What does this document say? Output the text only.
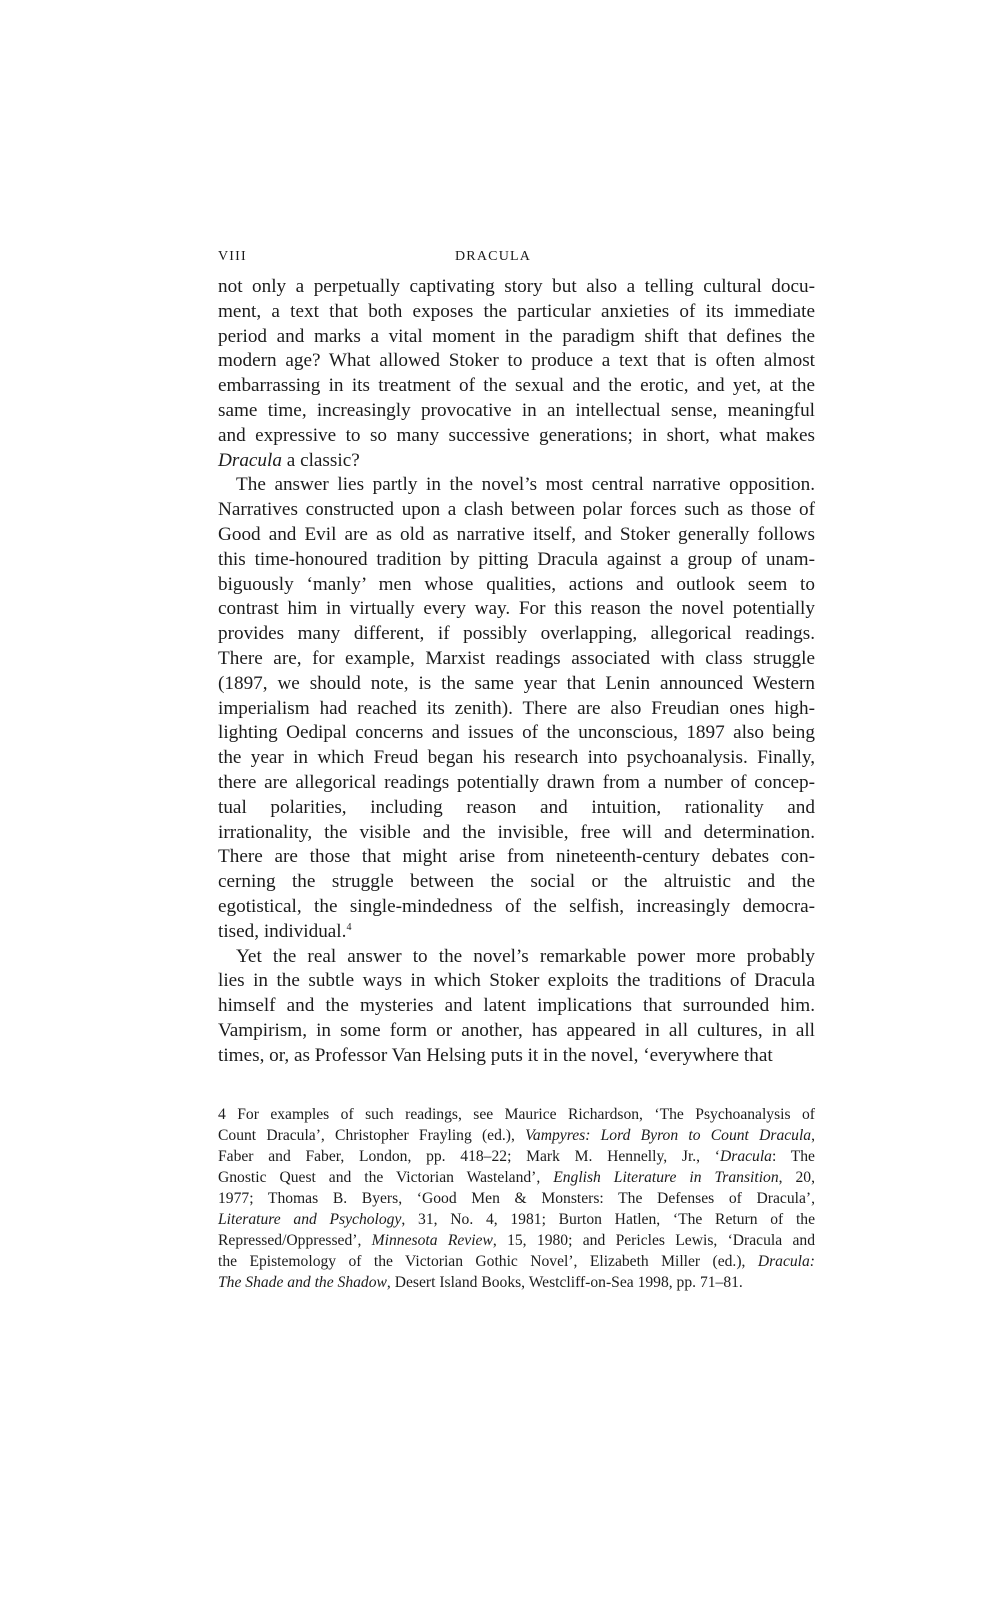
VIII	DRACULA
not only a perpetually captivating story but also a telling cultural docu-
ment, a text that both exposes the particular anxieties of its immediate
period and marks a vital moment in the paradigm shift that defines the
modern age? What allowed Stoker to produce a text that is often almost
embarrassing in its treatment of the sexual and the erotic, and yet, at the
same time, increasingly provocative in an intellectual sense, meaningful
and expressive to so many successive generations; in short, what makes
Dracula a classic?
The answer lies partly in the novel’s most central narrative opposition.
Narratives constructed upon a clash between polar forces such as those of
Good and Evil are as old as narrative itself, and Stoker generally follows
this time-honoured tradition by pitting Dracula against a group of unam-
biguously ‘manly’ men whose qualities, actions and outlook seem to
contrast him in virtually every way. For this reason the novel potentially
provides many different, if possibly overlapping, allegorical readings.
There are, for example, Marxist readings associated with class struggle
(1897, we should note, is the same year that Lenin announced Western
imperialism had reached its zenith). There are also Freudian ones high-
lighting Oedipal concerns and issues of the unconscious, 1897 also being
the year in which Freud began his research into psychoanalysis. Finally,
there are allegorical readings potentially drawn from a number of concep-
tual polarities, including reason and intuition, rationality and
irrationality, the visible and the invisible, free will and determination.
There are those that might arise from nineteenth-century debates con-
cerning the struggle between the social or the altruistic and the
egotistical, the single-mindedness of the selfish, increasingly democra-
tised, individual.$^4$
Yet the real answer to the novel’s remarkable power more probably
lies in the subtle ways in which Stoker exploits the traditions of Dracula
himself and the mysteries and latent implications that surrounded him.
Vampirism, in some form or another, has appeared in all cultures, in all
times, or, as Professor Van Helsing puts it in the novel, ‘everywhere that
4 For examples of such readings, see Maurice Richardson, ‘The Psychoanalysis of
Count Dracula’, Christopher Frayling (ed.), Vampyres: Lord Byron to Count Dracula,
Faber and Faber, London, pp. 418–22; Mark M. Hennelly, Jr., ‘Dracula: The
Gnostic Quest and the Victorian Wasteland’, English Literature in Transition, 20,
1977; Thomas B. Byers, ‘Good Men & Monsters: The Defenses of Dracula’,
Literature and Psychology, 31, No. 4, 1981; Burton Hatlen, ‘The Return of the
Repressed/Oppressed’, Minnesota Review, 15, 1980; and Pericles Lewis, ‘Dracula and
the Epistemology of the Victorian Gothic Novel’, Elizabeth Miller (ed.), Dracula:
The Shade and the Shadow, Desert Island Books, Westcliff-on-Sea 1998, pp. 71–81.
